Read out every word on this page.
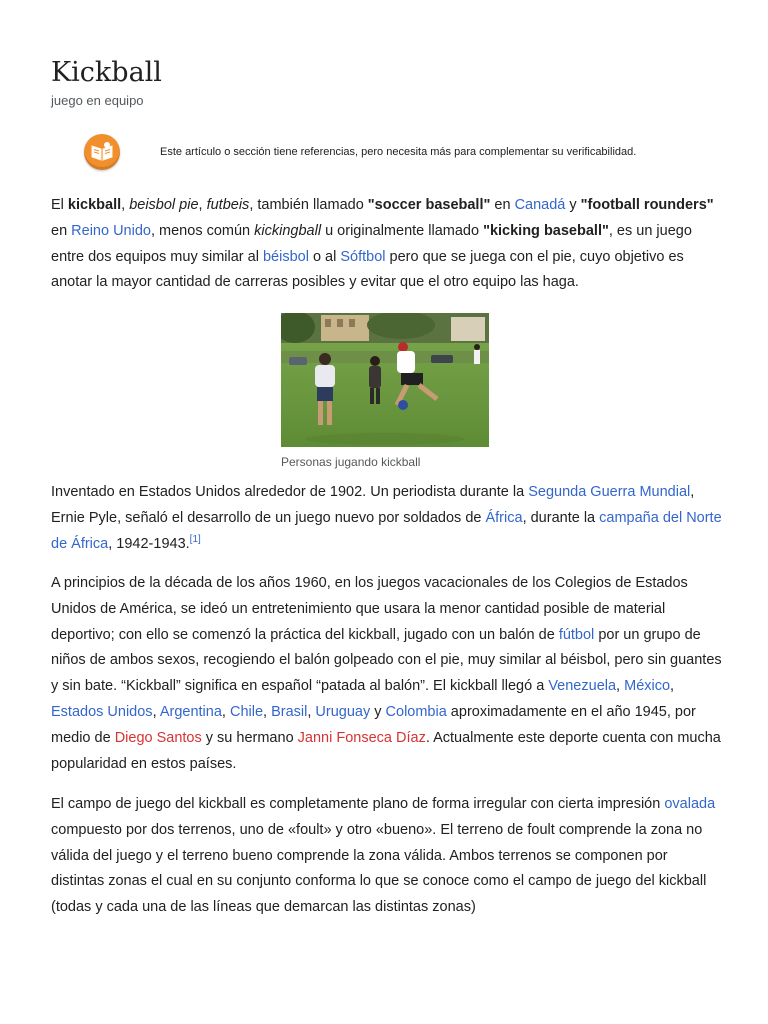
Kickball
juego en equipo
Este artículo o sección tiene referencias, pero necesita más para complementar su verificabilidad.

El kickball, beisbol pie, futbeis, también llamado "soccer baseball" en Canadá y "football rounders" en Reino Unido, menos común kickingball u originalmente llamado "kicking baseball", es un juego entre dos equipos muy similar al béisbol o al Sóftbol pero que se juega con el pie, cuyo objetivo es anotar la mayor cantidad de carreras posibles y evitar que el otro equipo las haga.

Personas jugando kickball

Inventado en Estados Unidos alrededor de 1902. Un periodista durante la Segunda Guerra Mundial, Ernie Pyle, señaló el desarrollo de un juego nuevo por soldados de África, durante la campaña del Norte de África, 1942-1943.[1]

A principios de la década de los años 1960, en los juegos vacacionales de los Colegios de Estados Unidos de América, se ideó un entretenimiento que usara la menor cantidad posible de material deportivo; con ello se comenzó la práctica del kickball, jugado con un balón de fútbol por un grupo de niños de ambos sexos, recogiendo el balón golpeado con el pie, muy similar al béisbol, pero sin guantes y sin bate. “Kickball” significa en español “patada al balón”. El kickball llegó a Venezuela, México, Estados Unidos, Argentina, Chile, Brasil, Uruguay y Colombia aproximadamente en el año 1945, por medio de Diego Santos y su hermano Janni Fonseca Díaz. Actualmente este deporte cuenta con mucha popularidad en estos países.

El campo de juego del kickball es completamente plano de forma irregular con cierta impresión ovalada compuesto por dos terrenos, uno de «foult» y otro «bueno». El terreno de foult comprende la zona no válida del juego y el terreno bueno comprende la zona válida. Ambos terrenos se componen por distintas zonas el cual en su conjunto conforma lo que se conoce como el campo de juego del kickball (todas y cada una de las líneas que demarcan las distintas zonas)
